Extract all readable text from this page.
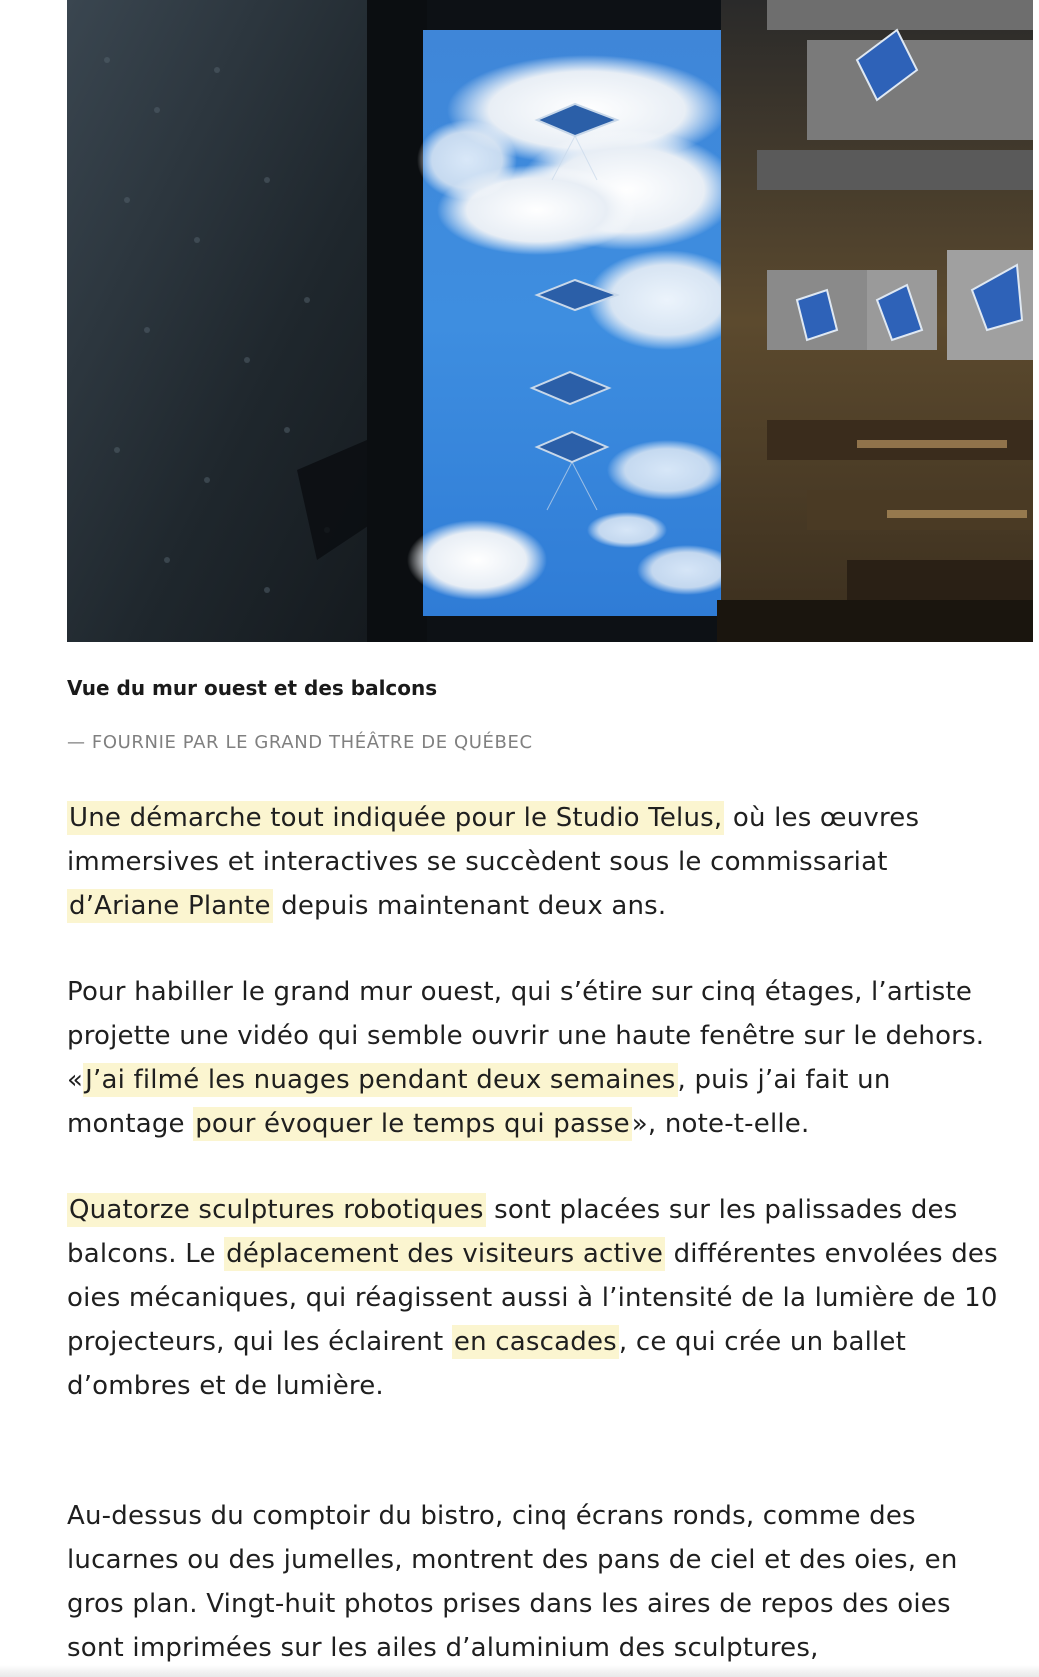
Vue du mur ouest et des balcons

— FOURNIE PAR LE GRAND THÉÂTRE DE QUÉBEC

Une démarche tout indiquée pour le Studio Telus, où les œuvres immersives et interactives se succèdent sous le commissariat d’Ariane Plante depuis maintenant deux ans.

Pour habiller le grand mur ouest, qui s’étire sur cinq étages, l’artiste projette une vidéo qui semble ouvrir une haute fenêtre sur le dehors. «J’ai filmé les nuages pendant deux semaines, puis j’ai fait un montage pour évoquer le temps qui passe», note-t-elle.

Quatorze sculptures robotiques sont placées sur les palissades des balcons. Le déplacement des visiteurs active différentes envolées des oies mécaniques, qui réagissent aussi à l’intensité de la lumière de 10 projecteurs, qui les éclairent en cascades, ce qui crée un ballet d’ombres et de lumière.

Au-dessus du comptoir du bistro, cinq écrans ronds, comme des lucarnes ou des jumelles, montrent des pans de ciel et des oies, en gros plan. Vingt-huit photos prises dans les aires de repos des oies sont imprimées sur les ailes d’aluminium des sculptures,
